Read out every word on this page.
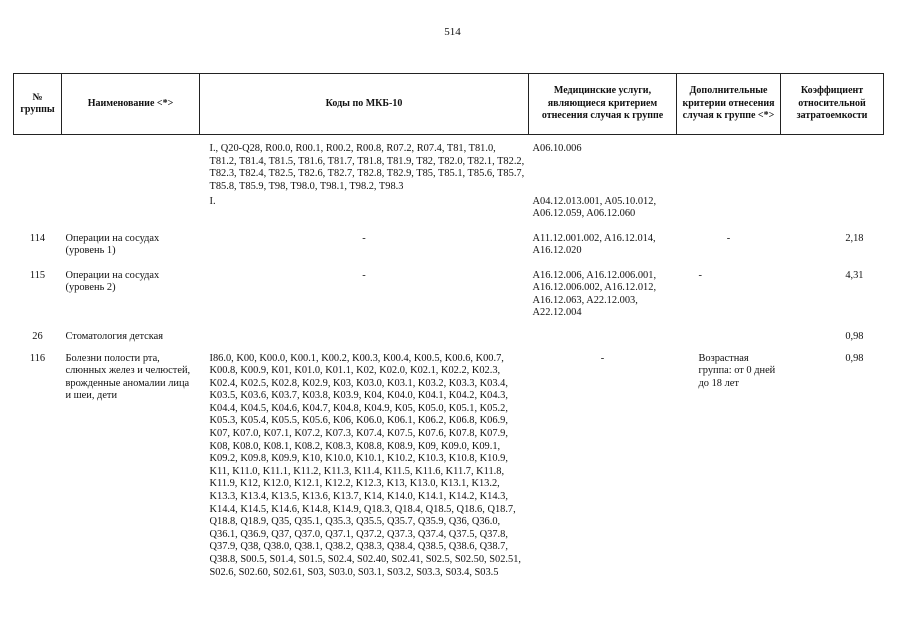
514
№ группы	Наименование <*>	Коды по МКБ-10	Медицинские услуги, являющиеся критерием отнесения случая к группе	Дополнительные критерии отнесения случая к группе <*>	Коэффициент относительной затратоемкости
		I., Q20-Q28, R00.0, R00.1, R00.2, R00.8, R07.2, R07.4, T81, T81.0, T81.2, T81.4, T81.5, T81.6, T81.7, T81.8, T81.9, T82, T82.0, T82.1, T82.2, T82.3, T82.4, T82.5, T82.6, T82.7, T82.8, T82.9, T85, T85.1, T85.6, T85.7, T85.8, T85.9, T98, T98.0, T98.1, T98.2, T98.3	A06.10.006		
		I.	A04.12.013.001, A05.10.012, A06.12.059, A06.12.060		
114	Операции на сосудах (уровень 1)	-	A11.12.001.002, A16.12.014, A16.12.020	-	2,18
115	Операции на сосудах (уровень 2)	-	A16.12.006, A16.12.006.001, A16.12.006.002, A16.12.012, A16.12.063, A22.12.003, A22.12.004	-	4,31
26	Стоматология детская				0,98
116	Болезни полости рта, слюнных желез и челюстей, врожденные аномалии лица и шеи, дети	I86.0, K00, K00.0, K00.1, K00.2, K00.3, K00.4, K00.5, K00.6, K00.7, K00.8, K00.9, K01, K01.0, K01.1, K02, K02.0, K02.1, K02.2, K02.3, K02.4, K02.5, K02.8, K02.9, K03, K03.0, K03.1, K03.2, K03.3, K03.4, K03.5, K03.6, K03.7, K03.8, K03.9, K04, K04.0, K04.1, K04.2, K04.3, K04.4, K04.5, K04.6, K04.7, K04.8, K04.9, K05, K05.0, K05.1, K05.2, K05.3, K05.4, K05.5, K05.6, K06, K06.0, K06.1, K06.2, K06.8, K06.9, K07, K07.0, K07.1, K07.2, K07.3, K07.4, K07.5, K07.6, K07.8, K07.9, K08, K08.0, K08.1, K08.2, K08.3, K08.8, K08.9, K09, K09.0, K09.1, K09.2, K09.8, K09.9, K10, K10.0, K10.1, K10.2, K10.3, K10.8, K10.9, K11, K11.0, K11.1, K11.2, K11.3, K11.4, K11.5, K11.6, K11.7, K11.8, K11.9, K12, K12.0, K12.1, K12.2, K12.3, K13, K13.0, K13.1, K13.2, K13.3, K13.4, K13.5, K13.6, K13.7, K14, K14.0, K14.1, K14.2, K14.3, K14.4, K14.5, K14.6, K14.8, K14.9, Q18.3, Q18.4, Q18.5, Q18.6, Q18.7, Q18.8, Q18.9, Q35, Q35.1, Q35.3, Q35.5, Q35.7, Q35.9, Q36, Q36.0, Q36.1, Q36.9, Q37, Q37.0, Q37.1, Q37.2, Q37.3, Q37.4, Q37.5, Q37.8, Q37.9, Q38, Q38.0, Q38.1, Q38.2, Q38.3, Q38.4, Q38.5, Q38.6, Q38.7, Q38.8, S00.5, S01.4, S01.5, S02.4, S02.40, S02.41, S02.5, S02.50, S02.51, S02.6, S02.60, S02.61, S03, S03.0, S03.1, S03.2, S03.3, S03.4, S03.5	-	Возрастная группа: от 0 дней до 18 лет	0,98
